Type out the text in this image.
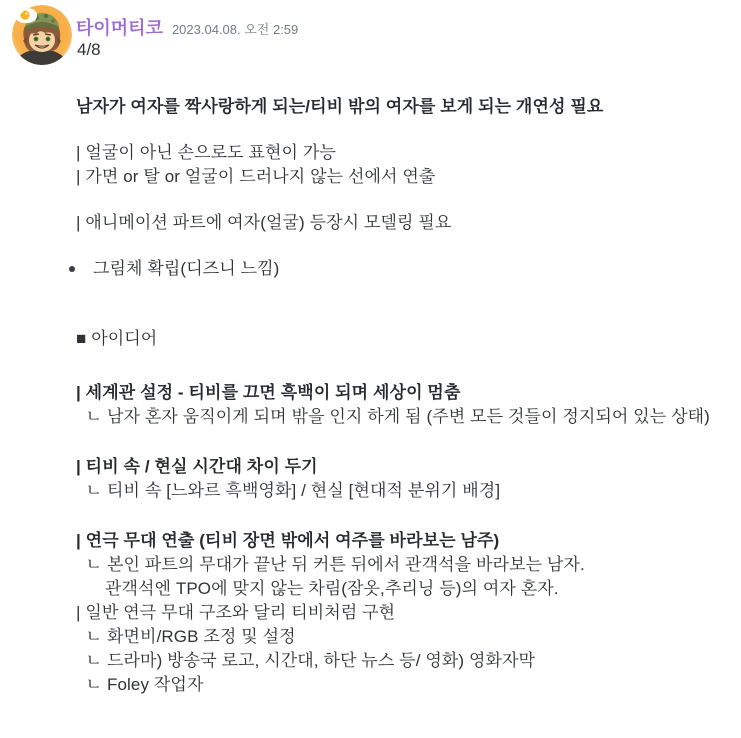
타이머티코 2023.04.08. 오전 2:59
4/8
남자가 여자를 짝사랑하게 되는/티비 밖의 여자를 보게 되는 개연성 필요
| 얼굴이 아닌 손으로도 표현이 가능
| 가면 or 탈 or 얼굴이 드러나지 않는 선에서 연출
| 애니메이션 파트에 여자(얼굴) 등장시 모델링 필요
그림체 확립(디즈니 느낌)
■ 아이디어
| 세계관 설정 - 티비를 끄면 흑백이 되며 세상이 멈춤
ㄴ 남자 혼자 움직이게 되며 밖을 인지 하게 됨 (주변 모든 것들이 정지되어 있는 상태)
| 티비 속 / 현실 시간대 차이 두기
ㄴ 티비 속 [느와르 흑백영화] / 현실 [현대적 분위기 배경]
| 연극 무대 연출 (티비 장면 밖에서 여주를 바라보는 남주)
ㄴ 본인 파트의 무대가 끝난 뒤 커튼 뒤에서 관객석을 바라보는 남자.
관객석엔 TPO에 맞지 않는 차림(잠옷,추리닝 등)의 여자 혼자.
| 일반 연극 무대 구조와 달리 티비처럼 구현
ㄴ 화면비/RGB 조정 및 설정
ㄴ 드라마) 방송국 로고, 시간대, 하단 뉴스 등/ 영화) 영화자막
ㄴ Foley 작업자
